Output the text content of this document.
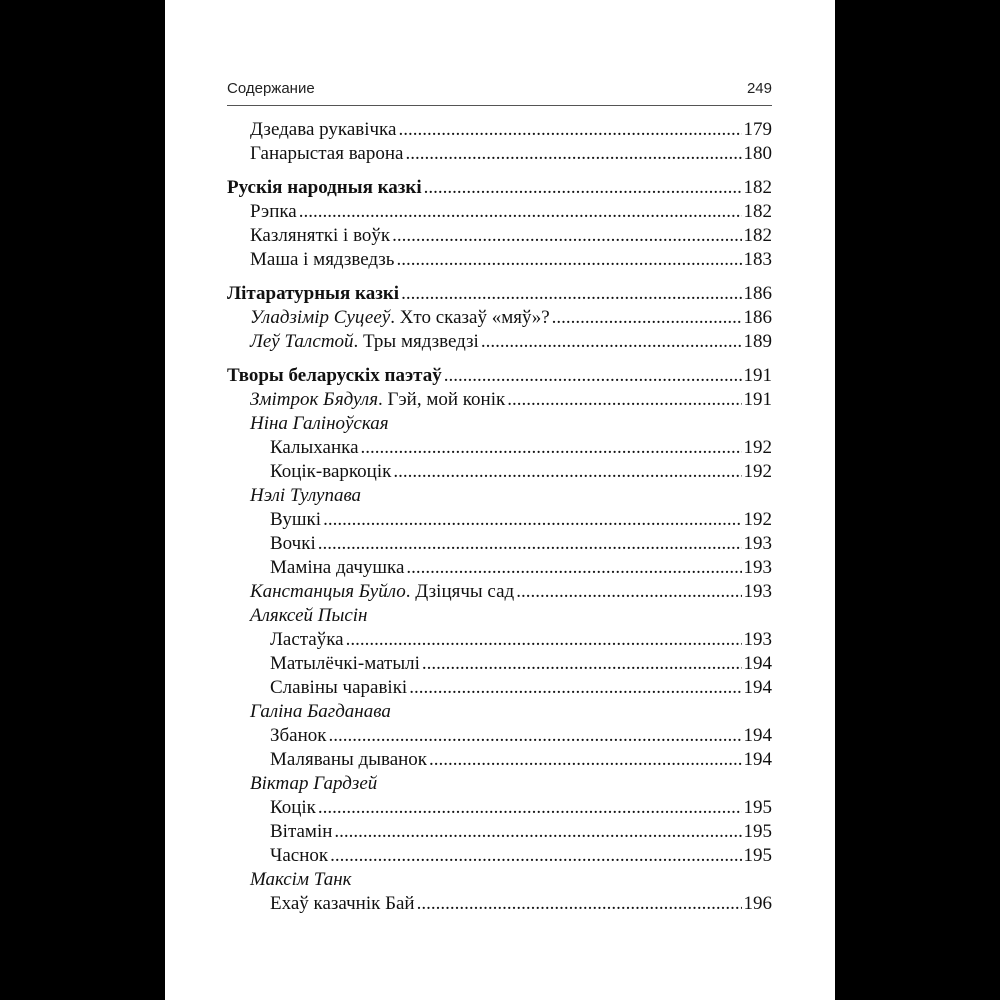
Содержание	249
Дзедава рукавічка .....	179
Ганарыстая варона .....	180
Рускія народныя казкі .....	182
Рэпка .....	182
Казляняткі і воўк .....	182
Маша і мядзведзь .....	183
Літаратурныя казкі .....	186
Уладзімір Суцееў. Хто сказаў «мяў»? .....	186
Леў Талстой. Тры мядзведзі .....	189
Творы беларускіх паэтаў .....	191
Змітрок Бядуля. Гэй, мой конік .....	191
Ніна Галіноўская
Калыханка .....	192
Коцік-варкоцік .....	192
Нэлі Тулупава
Вушкі .....	192
Вочкі .....	193
Маміна дачушка .....	193
Канстанцыя Буйло. Дзіцячы сад .....	193
Аляксей Пысін
Ластаўка .....	193
Матылёчкі-матылі .....	194
Славіны чаравікі .....	194
Галіна Багданава
Збанок .....	194
Маляваны дыванок .....	194
Віктар Гардзей
Коцік .....	195
Вітамін .....	195
Часнок .....	195
Максім Танк
Ехаў казачнік Бай .....	196
